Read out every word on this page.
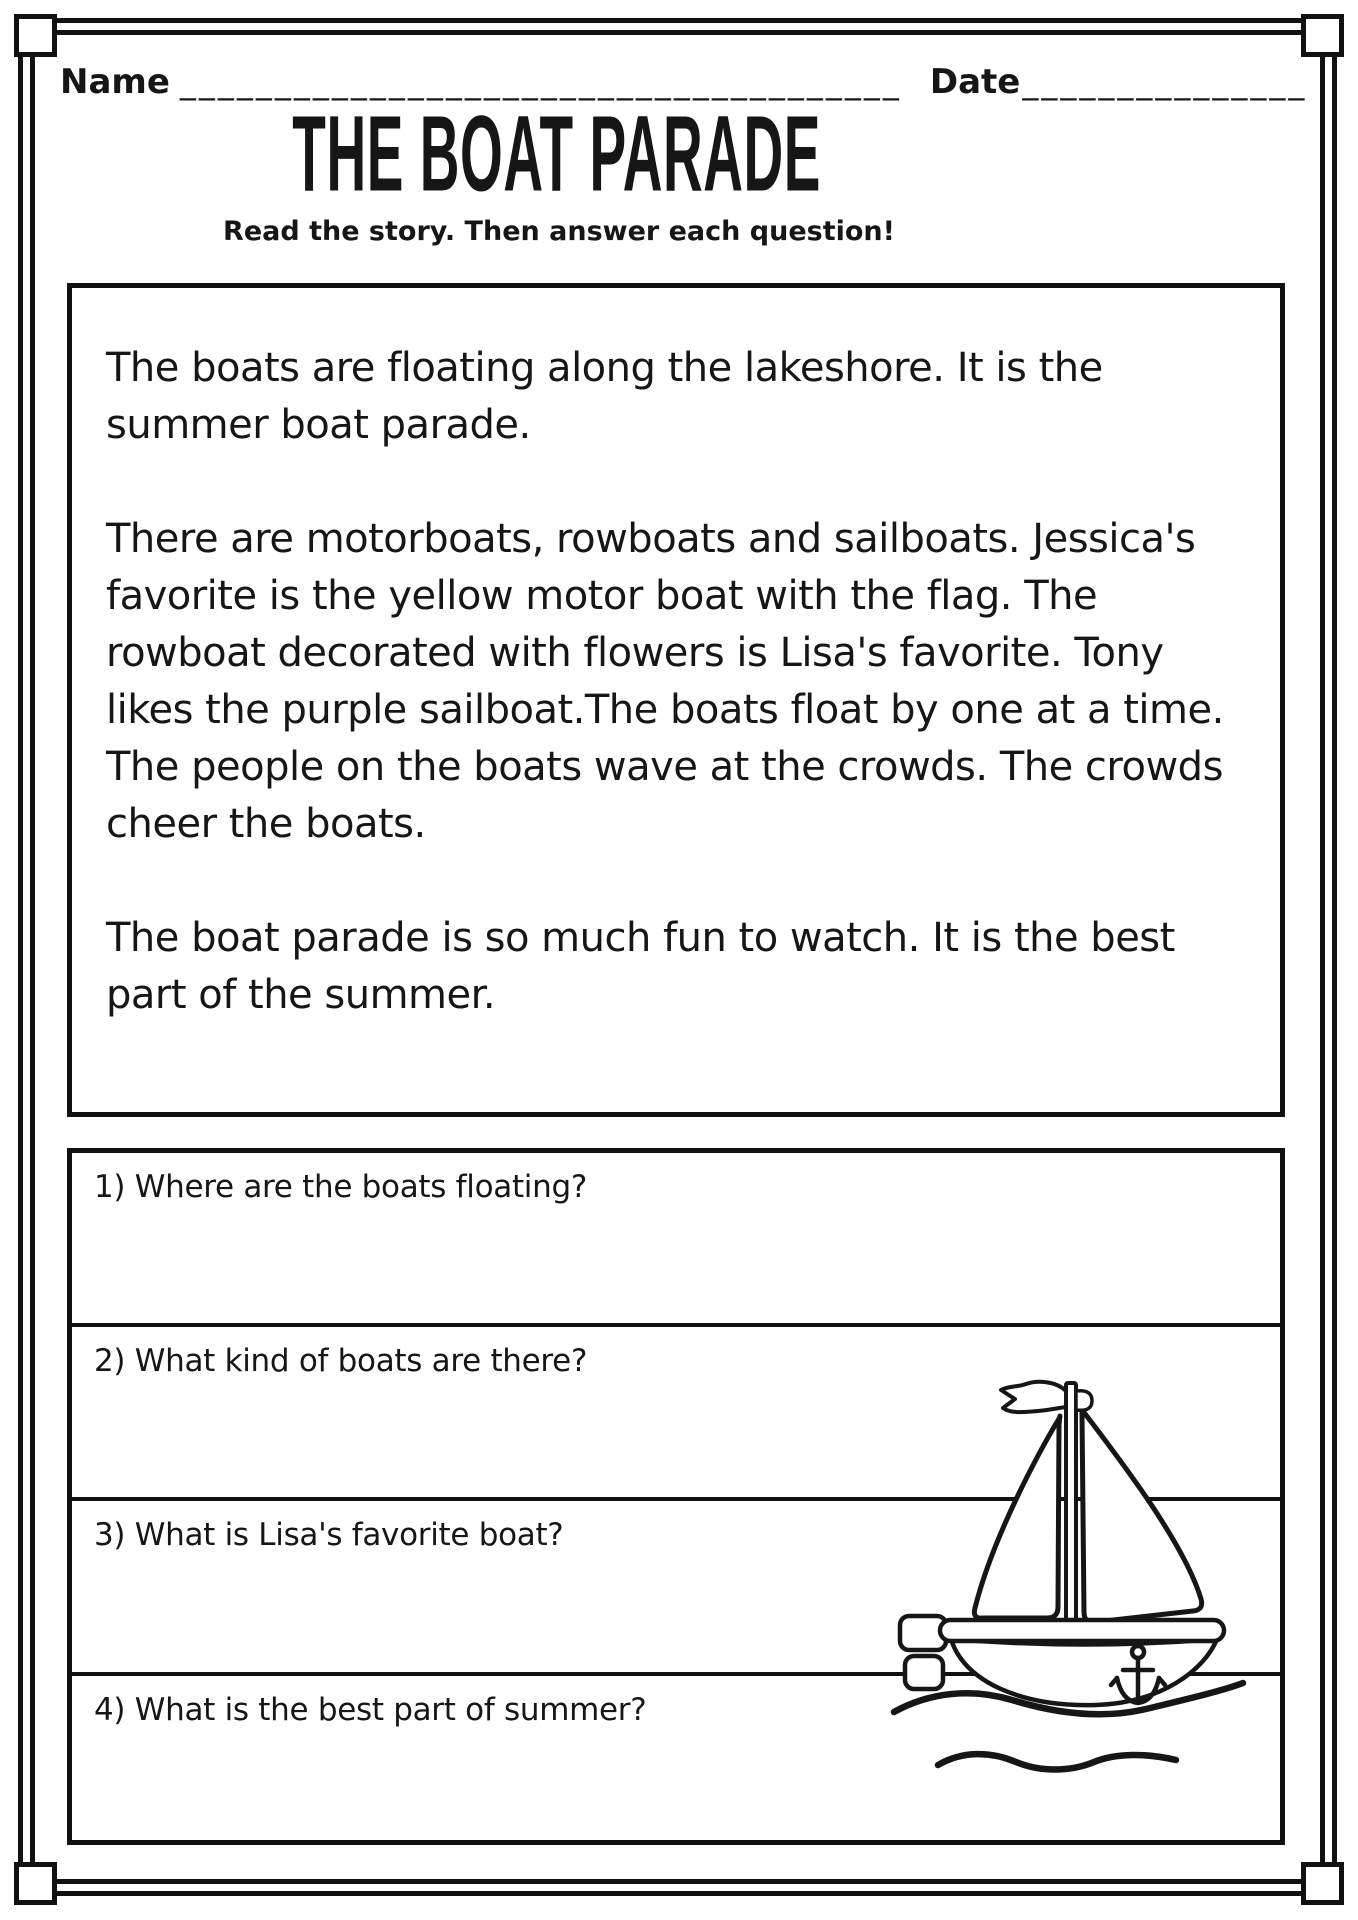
Name ______________________________________ Date _______________
THE BOAT PARADE
Read the story. Then answer each question!

The boats are floating along the lakeshore. It is the summer boat parade.

There are motorboats, rowboats and sailboats. Jessica's favorite is the yellow motor boat with the flag. The rowboat decorated with flowers is Lisa's favorite. Tony likes the purple sailboat.The boats float by one at a time. The people on the boats wave at the crowds. The crowds cheer the boats.

The boat parade is so much fun to watch. It is the best part of the summer.

1) Where are the boats floating?
2) What kind of boats are there?
3) What is Lisa's favorite boat?
4) What is the best part of summer?
